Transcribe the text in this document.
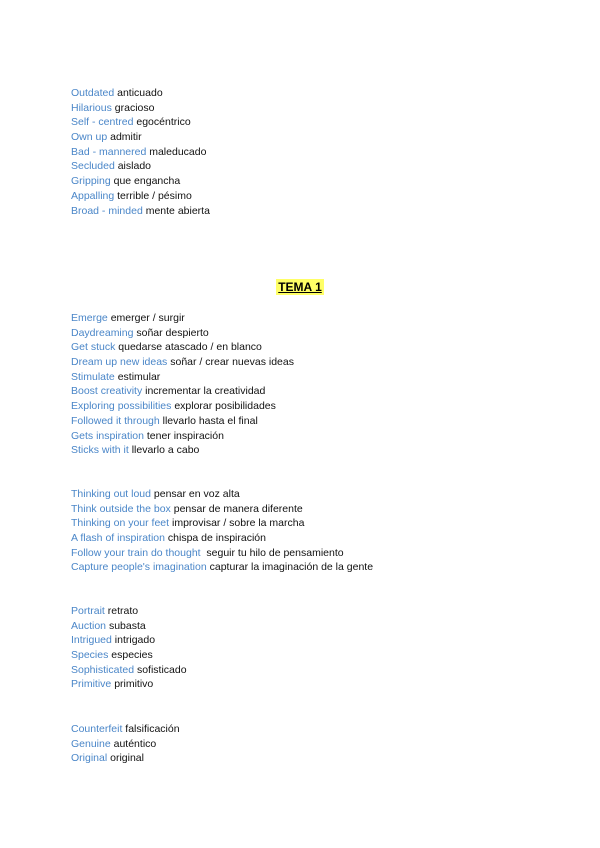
Outdated anticuado
Hilarious gracioso
Self - centred egocéntrico
Own up admitir
Bad - mannered maleducado
Secluded aislado
Gripping que engancha
Appalling terrible / pésimo
Broad - minded mente abierta
TEMA 1
Emerge emerger / surgir
Daydreaming soñar despierto
Get stuck quedarse atascado / en blanco
Dream up new ideas soñar / crear nuevas ideas
Stimulate estimular
Boost creativity incrementar la creatividad
Exploring possibilities explorar posibilidades
Followed it through llevarlo hasta el final
Gets inspiration tener inspiración
Sticks with it llevarlo a cabo
Thinking out loud pensar en voz alta
Think outside the box pensar de manera diferente
Thinking on your feet improvisar / sobre la marcha
A flash of inspiration chispa de inspiración
Follow your train do thought  seguir tu hilo de pensamiento
Capture people's imagination capturar la imaginación de la gente
Portrait retrato
Auction subasta
Intrigued intrigado
Species especies
Sophisticated sofisticado
Primitive primitivo
Counterfeit falsificación
Genuine auténtico
Original original
